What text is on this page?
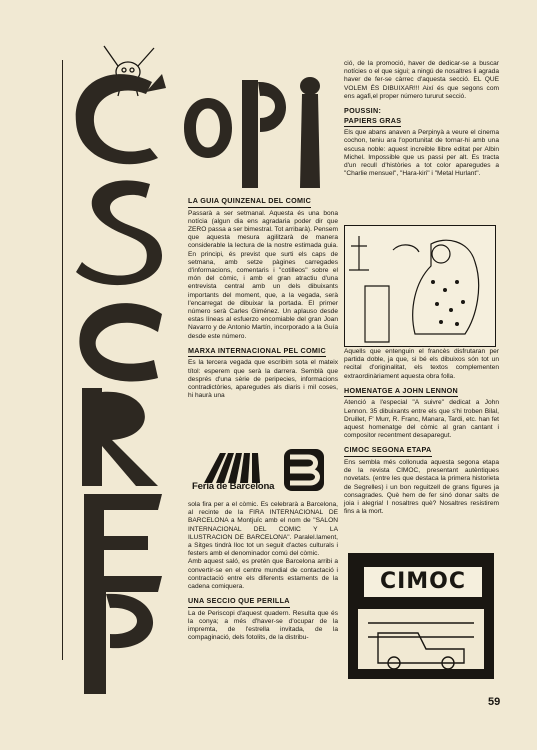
LA GUIA QUINZENAL DEL COMIC

Passarà a ser setmanal. Aquesta és una bona notícia (algun dia ens agradaria poder dir que ZERO passa a ser bimestral. Tot arribarà). Pensem que aquesta mesura agilitzarà de manera considerable la lectura de la nostre estimada guia. En principi, és previst que surti els caps de setmana, amb setze pàgines carregades d'informacions, comentaris i "cotilleos" sobre el món del còmic, i amb el gran atractiu d'una entrevista central amb un dels dibuixants importants del moment, que, a la vegada, serà l'encarregat de dibuixar la portada. El primer número serà Carles Giménez. Un aplauso desde estas líneas al esfuerzo encomiable del gran Joan Navarro y de Antonio Martín, incorporado a la Guía desde este número.

MARXA INTERNACIONAL PEL COMIC

Es la tercera vegada que escribim sota el mateix títol: esperem que serà la darrera. Semblà que després d'una sèrie de peripecies, informacions contradictòries, aparegudes als diaris i mil coses, hi haurà una

Feria de Barcelona

sola fira per a el còmic. Es celebrarà a Barcelona, al recinte de la FIRA INTERNACIONAL DE BARCELONA a Montjuïc amb el nom de "SALON INTERNACIONAL DEL COMIC Y LA ILUSTRACION DE BARCELONA". Paralel.lament, a Sitges tindrà lloc tot un seguit d'actes culturals i festers amb el denominador comú del còmic.

Amb aquest saló, es pretén que Barcelona arribi a convertir-se en el centre mundial de contactació i contractació entre els diferents estaments de la cadena comiquera.

UNA SECCIO QUE PERILLA

La de Periscopi d'aquest quadern. Resulta que és la conya; a més d'haver-se d'ocupar de la impremta, de l'estrella invitada, de la compaginació, dels fotolits, de la distribu-

ció, de la promoció, haver de dedicar-se a buscar notícies o el que sigui; a ningú de nosaltres li agrada haver de fer-se càrrec d'aquesta secció. EL QUE VOLEM ÉS DIBUIXAR!!! Així és que segons com ens agafi,el proper número tururut secció.

POUSSIN:
PAPIERS GRAS

Els que abans anaven a Perpinyà a veure el cinema cochon, teniu ara l'oportunitat de tornar-hi amb una escusa noble: aquest increible llibre editat per Albin Michel. Impossible que us passi per alt. Es tracta d'un recull d'històries a tot color aparegudes a "Charlie mensuel", "Hara-kiri" i "Metal Hurlant".

Aquells que entenguin el francès disfrutaran per partida doble, ja que, si bé els dibuixos són tot un recital d'originalitat, els textos complementen extraordinàriament aquesta obra folla.

HOMENATGE A JOHN LENNON

Atenció a l'especial "A suivre" dedicat a John Lennon. 35 dibuixants entre els que s'hi troben Bilal, Druillet, F' Murr, R. Franc, Manara, Tardi, etc. han fet aquest homenatge del còmic al gran cantant i compositor recentment desaparegut.

CIMOC SEGONA ETAPA

Ens sembla més collonuda aquesta segona etapa de la revista CIMOC, presentant autèntiques novetats. (entre les que destaca la primera historieta de Segrelles) i un bon reguitzell de grans figures ja consagrades. Què hem de fer sinó donar salts de joia i alegria! I nosaltres què? Nosaltres resistirem fins a la mort.

CIMOC
59
